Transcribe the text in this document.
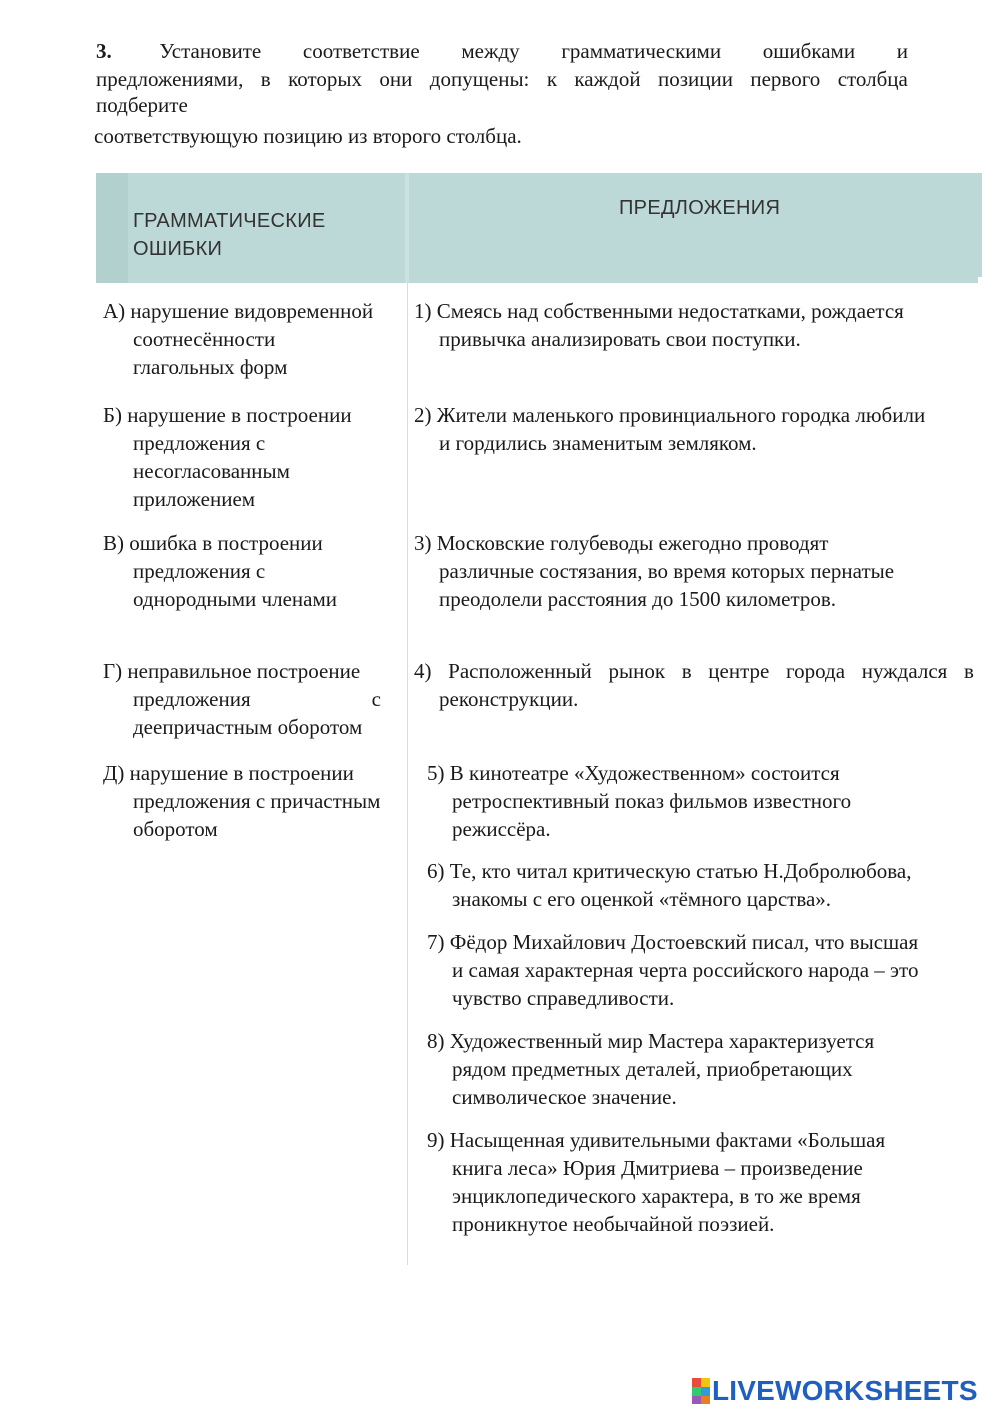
3. Установите соответствие между грамматическими ошибками и
предложениями, в которых они допущены: к каждой позиции первого столбца
подберите
соответствующую позицию из второго столбца.
ГРАММАТИЧЕСКИЕ
ОШИБКИ
ПРЕДЛОЖЕНИЯ
А) нарушение видовременной
соотнесённости
глагольных форм
Б) нарушение в построении
предложения с
несогласованным
приложением
В) ошибка в построении
предложения с
однородными членами
Г) неправильное построение
предложения	с
деепричастным оборотом
Д) нарушение в построении
предложения с причастным
оборотом
1) Смеясь над собственными недостатками, рождается
привычка анализировать свои поступки.
2) Жители маленького провинциального городка любили
и гордились знаменитым земляком.
3) Московские голубеводы ежегодно проводят
различные состязания, во время которых пернатые
преодолели расстояния до 1500 километров.
4) Расположенный рынок в центре города нуждался в
реконструкции.
5) В кинотеатре «Художественном» состоится
ретроспективный показ фильмов известного
режиссёра.
6) Те, кто читал критическую статью Н.Добролюбова,
знакомы с его оценкой «тёмного царства».
7) Фёдор Михайлович Достоевский писал, что высшая
и самая характерная черта российского народа – это
чувство справедливости.
8) Художественный мир Мастера характеризуется
рядом предметных деталей, приобретающих
символическое значение.
9) Насыщенная удивительными фактами «Большая
книга леса» Юрия Дмитриева – произведение
энциклопедического характера, в то же время
проникнутое необычайной поэзией.
LIVEWORKSHEETS
